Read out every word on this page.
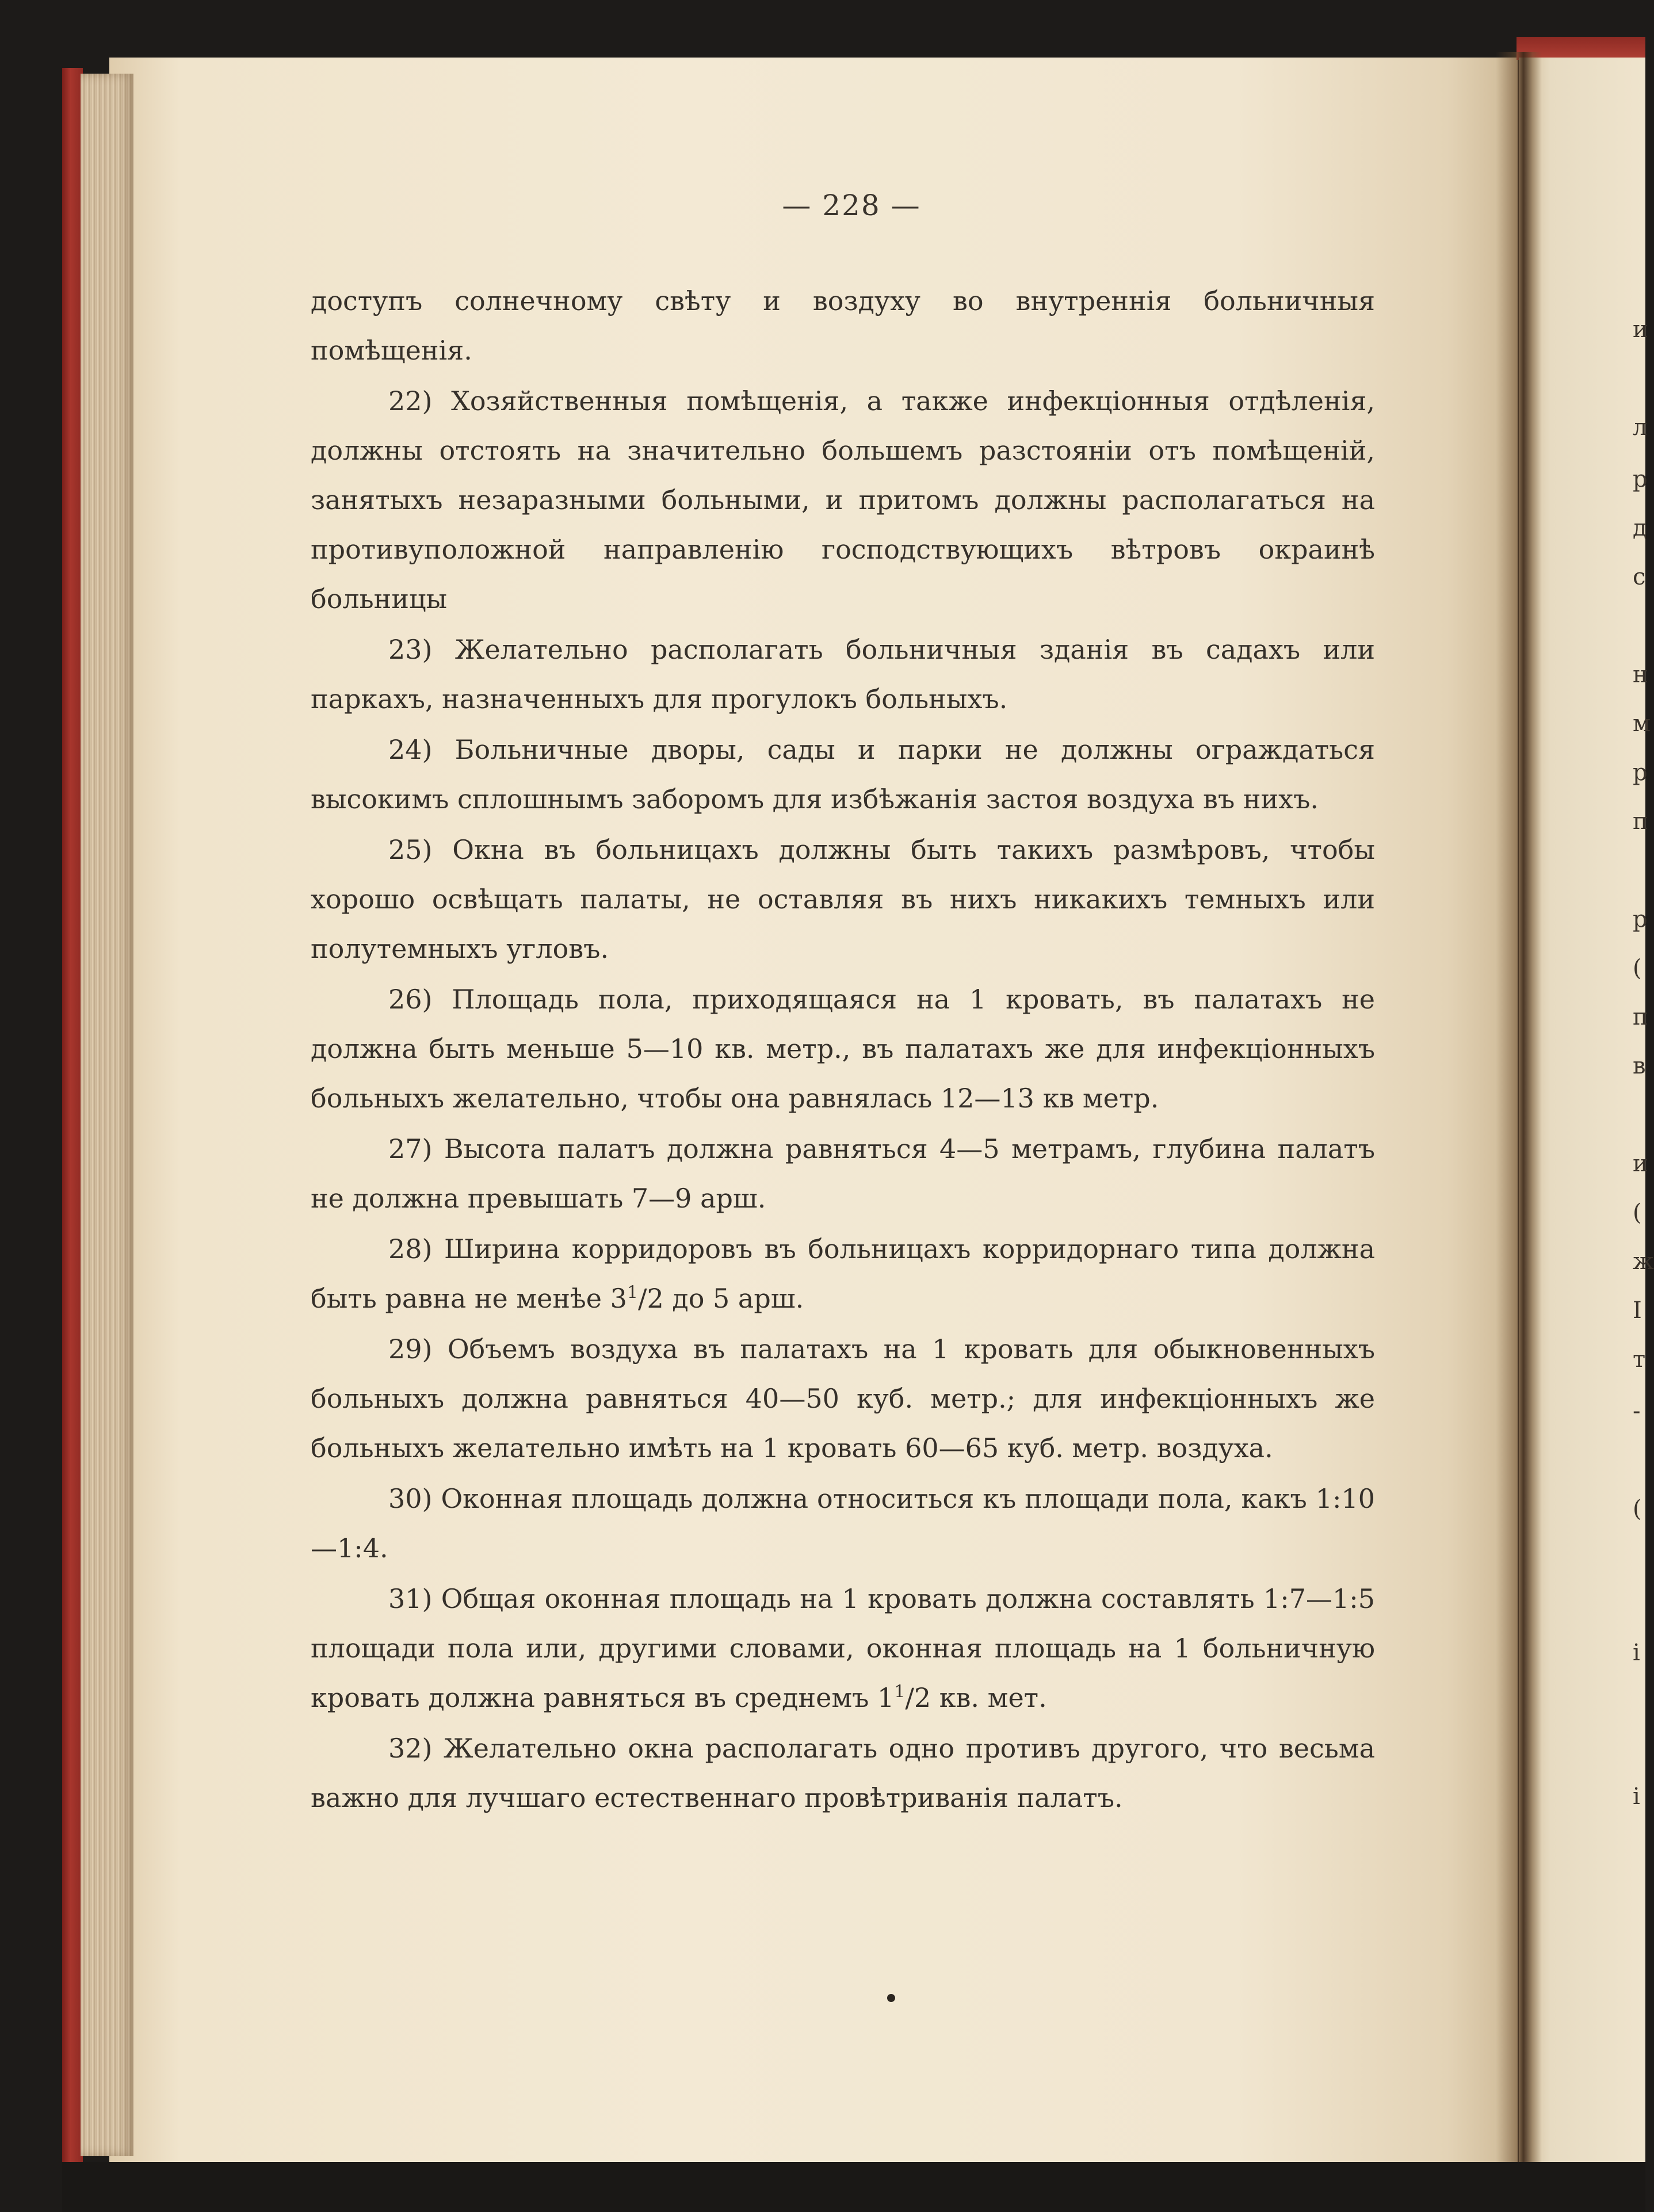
и
л
р
д
с
н
м
р
п
р
(
п
в
и
(
ж
І
т
-
(
і
і
— 228 —

доступъ солнечному свѣту и воздуху во внутреннія больничныя помѣщенія.

22) Хозяйственныя помѣщенія, а также инфекціонныя отдѣленія, должны отстоять на значительно большемъ разстояніи отъ помѣщеній, занятыхъ незаразными больными, и притомъ должны располагаться на противуположной направленію господствующихъ вѣтровъ окраинѣ больницы

23) Желательно располагать больничныя зданія въ садахъ или паркахъ, назначенныхъ для прогулокъ больныхъ.

24) Больничные дворы, сады и парки не должны ограждаться высокимъ сплошнымъ заборомъ для избѣжанія застоя воздуха въ нихъ.

25) Окна въ больницахъ должны быть такихъ размѣровъ, чтобы хорошо освѣщать палаты, не оставляя въ нихъ никакихъ темныхъ или полутемныхъ угловъ.

26) Площадь пола, приходящаяся на 1 кровать, въ палатахъ не должна быть меньше 5—10 кв. метр., въ палатахъ же для инфекціонныхъ больныхъ желательно, чтобы она равнялась 12—13 кв метр.

27) Высота палатъ должна равняться 4—5 метрамъ, глубина палатъ не должна превышать 7—9 арш.

28) Ширина корридоровъ въ больницахъ корридорнаго типа должна быть равна не менѣе $3^1/2$ до 5 арш.

29) Объемъ воздуха въ палатахъ на 1 кровать для обыкновенныхъ больныхъ должна равняться 40—50 куб. метр.; для инфекціонныхъ же больныхъ желательно имѣть на 1 кровать 60—65 куб. метр. воздуха.

30) Оконная площадь должна относиться къ площади пола, какъ 1:10—1:4.

31) Общая оконная площадь на 1 кровать должна составлять 1:7—1:5 площади пола или, другими словами, оконная площадь на 1 больничную кровать должна равняться въ среднемъ $1^1/2$ кв. мет.

32) Желательно окна располагать одно противъ другого, что весьма важно для лучшаго естественнаго провѣтриванія палатъ.
